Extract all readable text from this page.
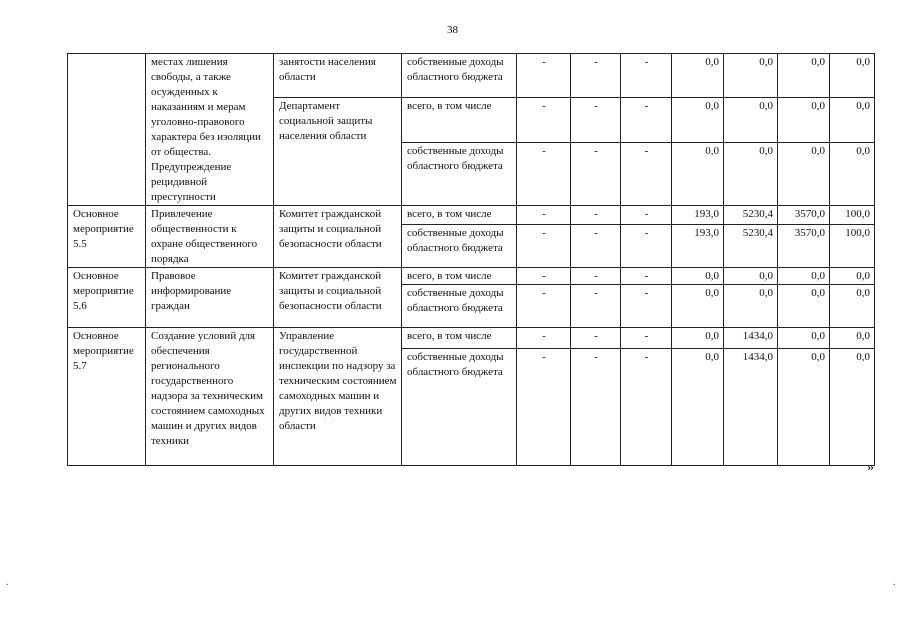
38
	местах лишения свободы, а также осужденных к наказаниям и мерам уголовно-правового характера без изоляции от общества. Предупреждение рецидивной преступности	занятости населения области	собственные доходы областного бюджета	-	-	-	0,0	0,0	0,0	0,0
		Департамент социальной защиты населения области	всего, в том числе	-	-	-	0,0	0,0	0,0	0,0
			собственные доходы областного бюджета	-	-	-	0,0	0,0	0,0	0,0
Основное мероприятие 5.5	Привлечение общественности к охране общественного порядка	Комитет гражданской защиты и социальной безопасности области	всего, в том числе	-	-	-	193,0	5230,4	3570,0	100,0
			собственные доходы областного бюджета	-	-	-	193,0	5230,4	3570,0	100,0
Основное мероприятие 5.6	Правовое информирование граждан	Комитет гражданской защиты и социальной безопасности области	всего, в том числе	-	-	-	0,0	0,0	0,0	0,0
			собственные доходы областного бюджета	-	-	-	0,0	0,0	0,0	0,0
Основное мероприятие 5.7	Создание условий для обеспечения регионального государственного надзора за техническим состоянием самоходных машин и других видов техники	Управление государственной инспекции по надзору за техническим состоянием самоходных машин и других видов техники области	всего, в том числе	-	-	-	0,0	1434,0	0,0	0,0
			собственные доходы областного бюджета	-	-	-	0,0	1434,0	0,0	0,0
»
.	.
